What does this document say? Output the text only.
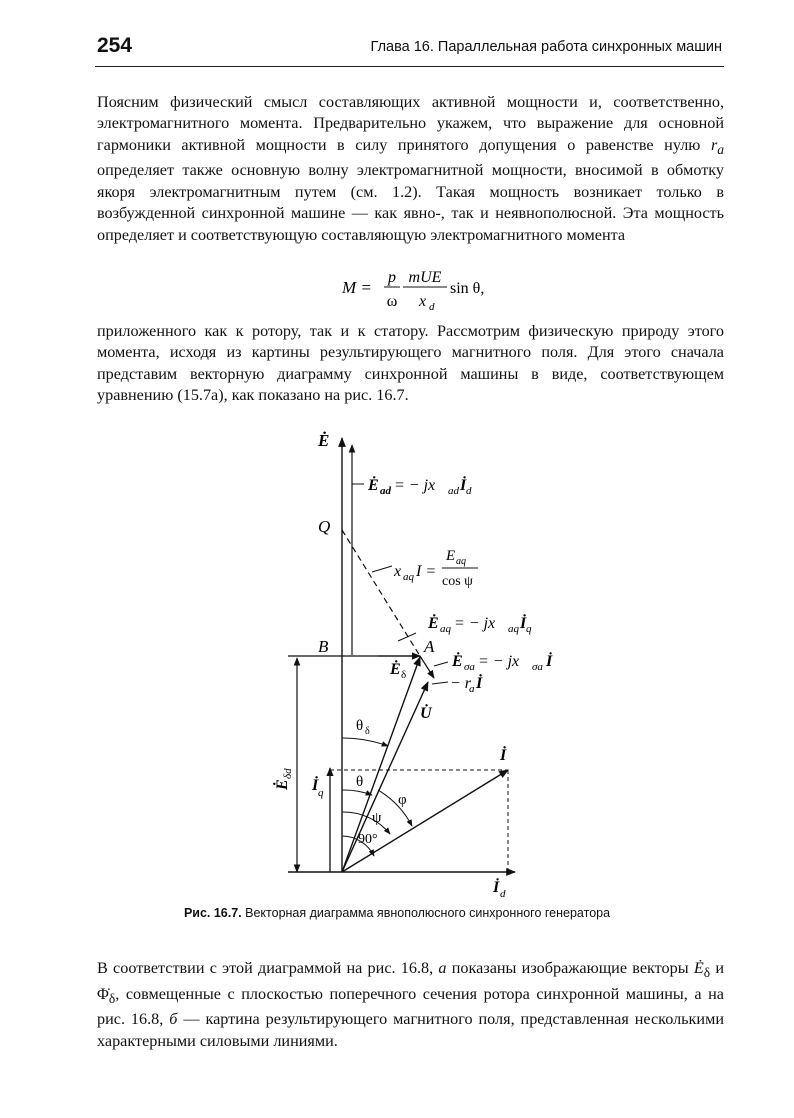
254	Глава 16. Параллельная работа синхронных машин
Поясним физический смысл составляющих активной мощности и, соответственно, электромагнитного момента. Предварительно укажем, что выражение для основной гармоники активной мощности в силу принятого допущения о равенстве нулю $r_a$ определяет также основную волну электромагнитной мощности, вносимой в обмотку якоря электромагнитным путем (см. 1.2). Такая мощность возникает только в возбужденной синхронной машине — как явно-, так и неявнополюсной. Эта мощность определяет и соответствующую составляющую электромагнитного момента
M =
p
ω
mUE
x d
sin θ,
приложенного как к ротору, так и к статору. Рассмотрим физическую природу этого момента, исходя из картины результирующего магнитного поля. Для этого сначала представим векторную диаграмму синхронной машины в виде, соответствующем уравнению (15.7а), как показано на рис. 16.7.
Ė
Ė ad = − jx ad İ d
Q
x aq I =
E aq
cos ψ
Ė aq = − jx aq İ q
B	A
Ė σa = − jx σa İ
Ė δ	− r
a İ
U̇
θ δ
Ė
δd
İ q
θ
φ
ψ
90°
İ
İ d
Рис. 16.7. Векторная диаграмма явнополюсного синхронного генератора
В соответствии с этой диаграммой на рис. 16.8, а показаны изображающие векторы $Ė_\delta$ и $\Phi̇_\delta$, совмещенные с плоскостью поперечного сечения ротора синхронной машины, а на рис. 16.8, б — картина результирующего магнитного поля, представленная несколькими характерными силовыми линиями.
